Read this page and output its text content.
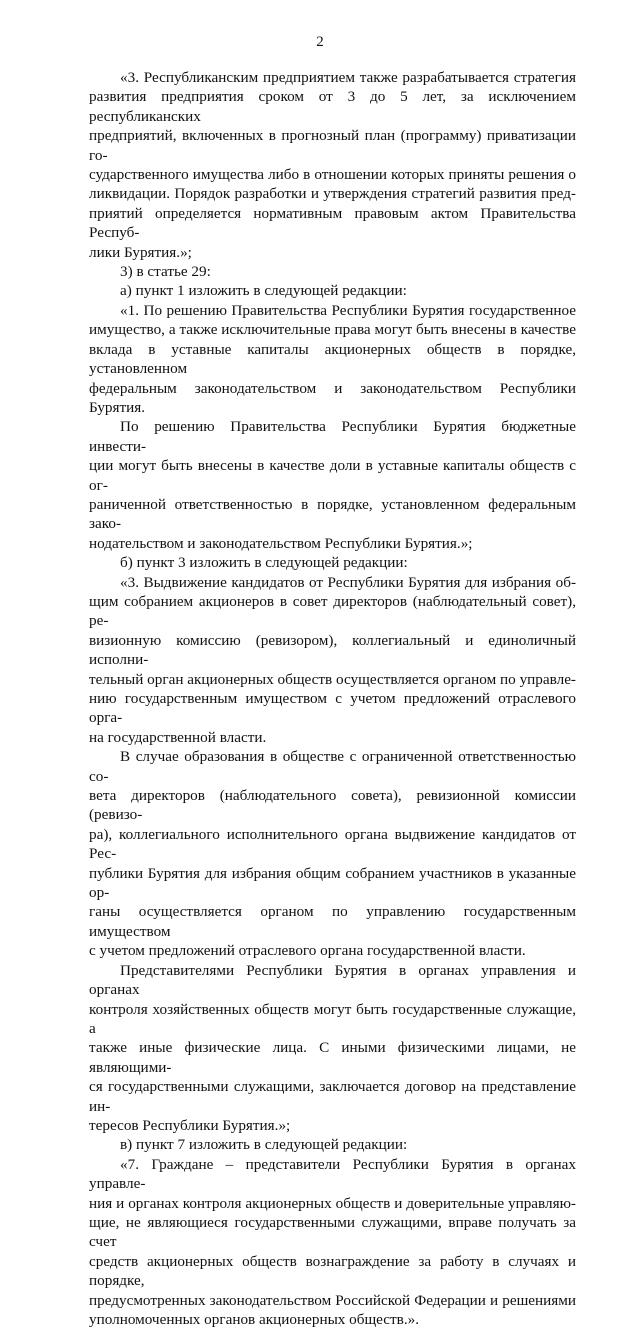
2

«3. Республиканским предприятием также разрабатывается стратегия

развития предприятия сроком от 3 до 5 лет, за исключением республиканских

предприятий, включенных в прогнозный план (программу) приватизации го-

сударственного имущества либо в отношении которых приняты решения о

ликвидации. Порядок разработки и утверждения стратегий развития пред-

приятий определяется нормативным правовым актом Правительства Респуб-

лики Бурятия.»;

3) в статье 29:

а) пункт 1 изложить в следующей редакции:

«1. По решению Правительства Республики Бурятия государственное

имущество, а также исключительные права могут быть внесены в качестве

вклада в уставные капиталы акционерных обществ в порядке, установленном

федеральным законодательством и законодательством Республики Бурятия.

По решению Правительства Республики Бурятия бюджетные инвести-

ции могут быть внесены в качестве доли в уставные капиталы обществ с ог-

раниченной ответственностью в порядке, установленном федеральным зако-

нодательством и законодательством Республики Бурятия.»;

б) пункт 3 изложить в следующей редакции:

«3. Выдвижение кандидатов от Республики Бурятия для избрания об-

щим собранием акционеров в совет директоров (наблюдательный совет), ре-

визионную комиссию (ревизором), коллегиальный и единоличный исполни-

тельный орган акционерных обществ осуществляется органом по управле-

нию государственным имуществом с учетом предложений отраслевого орга-

на государственной власти.

В случае образования в обществе с ограниченной ответственностью со-

вета директоров (наблюдательного совета), ревизионной комиссии (ревизо-

ра), коллегиального исполнительного органа выдвижение кандидатов от Рес-

публики Бурятия для избрания общим собранием участников в указанные ор-

ганы осуществляется органом по управлению государственным имуществом

с учетом предложений отраслевого органа государственной власти.

Представителями Республики Бурятия в органах управления и органах

контроля хозяйственных обществ могут быть государственные служащие, а

также иные физические лица. С иными физическими лицами, не являющими-

ся государственными служащими, заключается договор на представление ин-

тересов Республики Бурятия.»;

в) пункт 7 изложить в следующей редакции:

«7. Граждане – представители Республики Бурятия в органах управле-

ния и органах контроля акционерных обществ и доверительные управляю-

щие, не являющиеся государственными служащими, вправе получать за счет

средств акционерных обществ вознаграждение за работу в случаях и порядке,

предусмотренных законодательством Российской Федерации и решениями

уполномоченных органов акционерных обществ.».
